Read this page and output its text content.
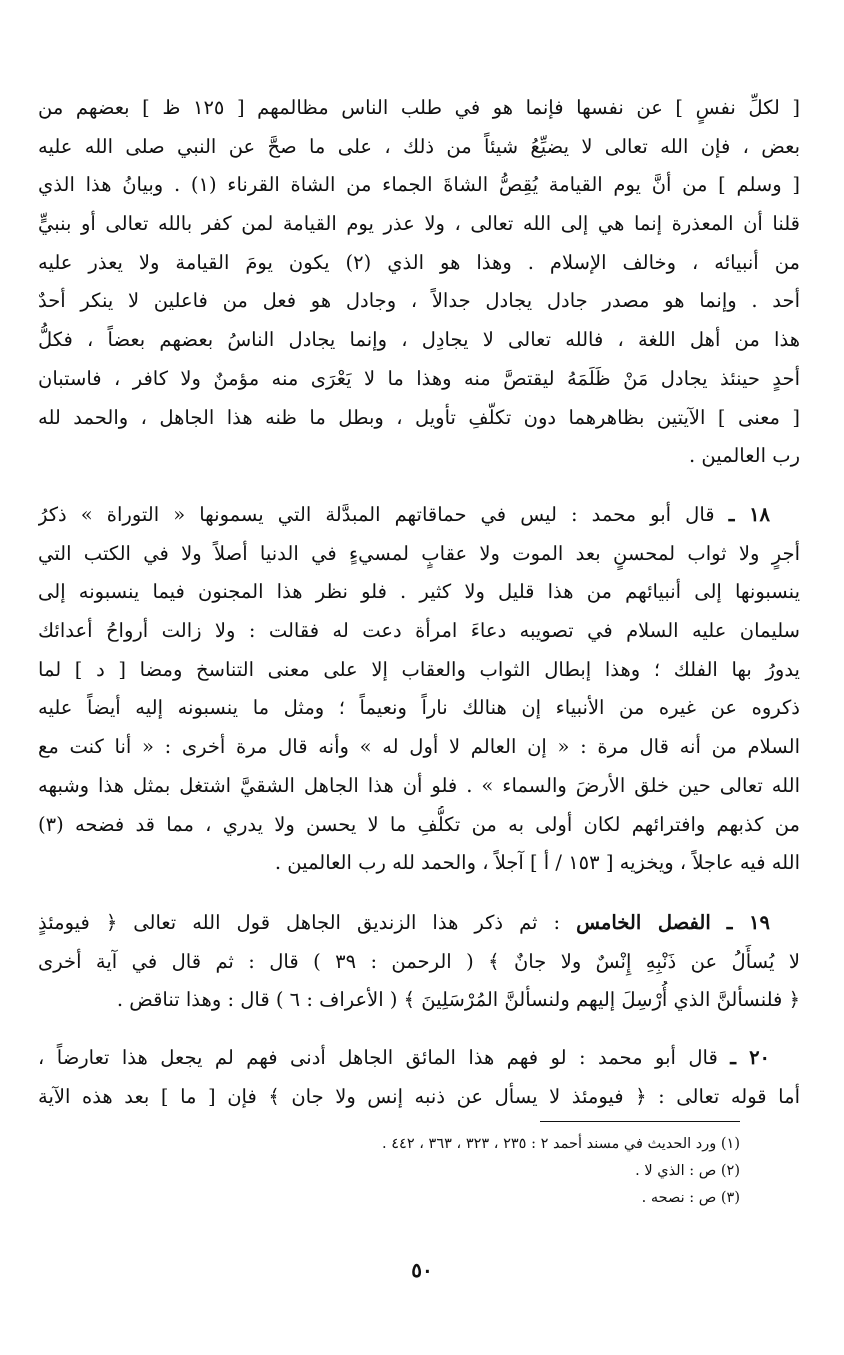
[ لكلِّ نفسٍ ] عن نفسها فإنما هو في طلب الناس مظالمهم [ ١٢٥ ظ ] بعضهم من
بعض ، فإن الله تعالى لا يضيِّعُ شيئاً من ذلك ، على ما صحَّ عن النبي صلى الله عليه
[ وسلم ] من أنَّ يوم القيامة يُقِصُّ الشاةَ الجماء من الشاة القرناء (١) . وبيانُ هذا الذي
قلنا أن المعذرة إنما هي إلى الله تعالى ، ولا عذر يوم القيامة لمن كفر بالله تعالى أو بنبيٍّ
من أنبيائه ، وخالف الإسلام . وهذا هو الذي (٢) يكون يومَ القيامة ولا يعذر عليه
أحد . وإنما هو مصدر جادل يجادل جدالاً ، وجادل هو فعل من فاعلين لا ينكر أحدٌ
هذا من أهل اللغة ، فالله تعالى لا يجادِل ، وإنما يجادل الناسُ بعضهم بعضاً ، فكلُّ
أحدٍ حينئذ يجادل مَنْ ظَلَمَهُ ليقتصَّ منه وهذا ما لا يَعْرَى منه مؤمنٌ ولا كافر ، فاستبان
[ معنى ] الآيتين بظاهرهما دون تكلّفِ تأويل ، وبطل ما ظنه هذا الجاهل ، والحمد لله
رب العالمين .
١٨ ـ قال أبو محمد : ليس في حماقاتهم المبدَّلة التي يسمونها « التوراة » ذكرُ
أجرٍ ولا ثواب لمحسنٍ بعد الموت ولا عقابٍ لمسيءٍ في الدنيا أصلاً ولا في الكتب التي
ينسبونها إلى أنبيائهم من هذا قليل ولا كثير . فلو نظر هذا المجنون فيما ينسبونه إلى
سليمان عليه السلام في تصويبه دعاءَ امرأة دعت له فقالت : ولا زالت أرواحُ أعدائك
يدورُ بها الفلك ؛ وهذا إبطال الثواب والعقاب إلا على معنى التناسخ ومضا [ د ] لما
ذكروه عن غيره من الأنبياء إن هنالك ناراً ونعيماً ؛ ومثل ما ينسبونه إليه أيضاً عليه
السلام من أنه قال مرة : « إن العالم لا أول له » وأنه قال مرة أخرى : « أنا كنت مع
الله تعالى حين خلق الأرضَ والسماء » . فلو أن هذا الجاهل الشقيَّ اشتغل بمثل هذا وشبهه
من كذبهم وافترائهم لكان أولى به من تكلُّفِ ما لا يحسن ولا يدري ، مما قد فضحه (٣)
الله فيه عاجلاً ، ويخزيه [ ١٥٣ / أ ] آجلاً ، والحمد لله رب العالمين .
١٩ ـ الفصل الخامس : ثم ذكر هذا الزنديق الجاهل قول الله تعالى ﴿ فيومئذٍ
لا يُسأَلُ عن ذَنْبِهِ إِنْسٌ ولا جانٌ ﴾ ( الرحمن : ٣٩ ) قال : ثم قال في آية أخرى
﴿ فلنسألنَّ الذي أُرْسِلَ إليهم ولنسألنَّ المُرْسَلِينَ ﴾ ( الأعراف : ٦ ) قال : وهذا تناقض .
٢٠ ـ قال أبو محمد : لو فهم هذا المائق الجاهل أدنى فهم لم يجعل هذا تعارضاً ،
أما قوله تعالى : ﴿ فيومئذ لا يسأل عن ذنبه إنس ولا جان ﴾ فإن [ ما ] بعد هذه الآية
(١) ورد الحديث في مسند أحمد ٢ : ٢٣٥ ، ٣٢٣ ، ٣٦٣ ، ٤٤٢ .
(٢) ص : الذي لا .
(٣) ص : نصحه .
٥٠
